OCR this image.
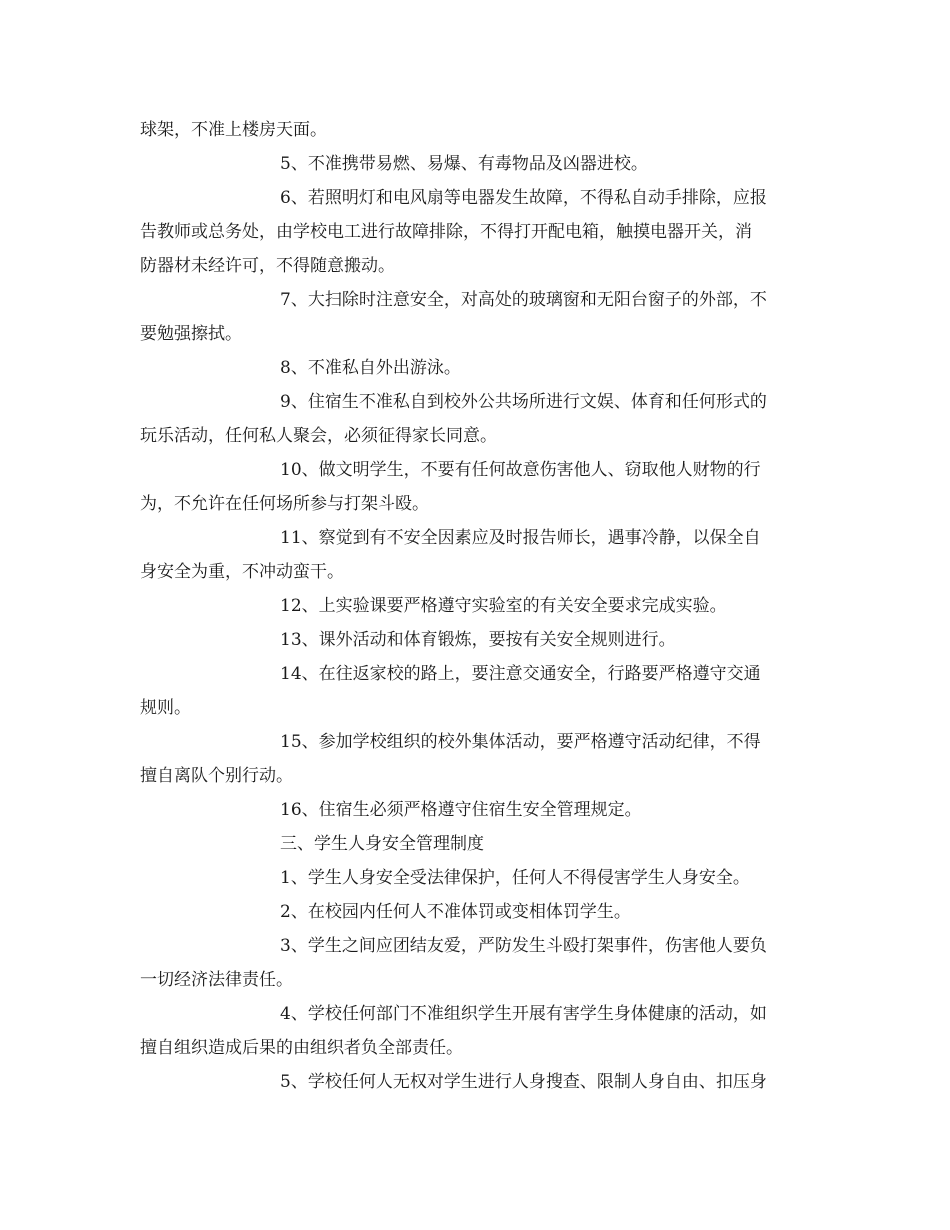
球架，不准上楼房天面。
5、不准携带易燃、易爆、有毒物品及凶器进校。
6、若照明灯和电风扇等电器发生故障，不得私自动手排除，应报
告教师或总务处，由学校电工进行故障排除，不得打开配电箱，触摸电器开关，消
防器材未经许可，不得随意搬动。
7、大扫除时注意安全，对高处的玻璃窗和无阳台窗子的外部，不
要勉强擦拭。
8、不准私自外出游泳。
9、住宿生不准私自到校外公共场所进行文娱、体育和任何形式的
玩乐活动，任何私人聚会，必须征得家长同意。
10、做文明学生，不要有任何故意伤害他人、窃取他人财物的行
为，不允许在任何场所参与打架斗殴。
11、察觉到有不安全因素应及时报告师长，遇事冷静，以保全自
身安全为重，不冲动蛮干。
12、上实验课要严格遵守实验室的有关安全要求完成实验。
13、课外活动和体育锻炼，要按有关安全规则进行。
14、在往返家校的路上，要注意交通安全，行路要严格遵守交通
规则。
15、参加学校组织的校外集体活动，要严格遵守活动纪律，不得
擅自离队个别行动。
16、住宿生必须严格遵守住宿生安全管理规定。
三、学生人身安全管理制度
1、学生人身安全受法律保护，任何人不得侵害学生人身安全。
2、在校园内任何人不准体罚或变相体罚学生。
3、学生之间应团结友爱，严防发生斗殴打架事件，伤害他人要负
一切经济法律责任。
4、学校任何部门不准组织学生开展有害学生身体健康的活动，如
擅自组织造成后果的由组织者负全部责任。
5、学校任何人无权对学生进行人身搜查、限制人身自由、扣压身
